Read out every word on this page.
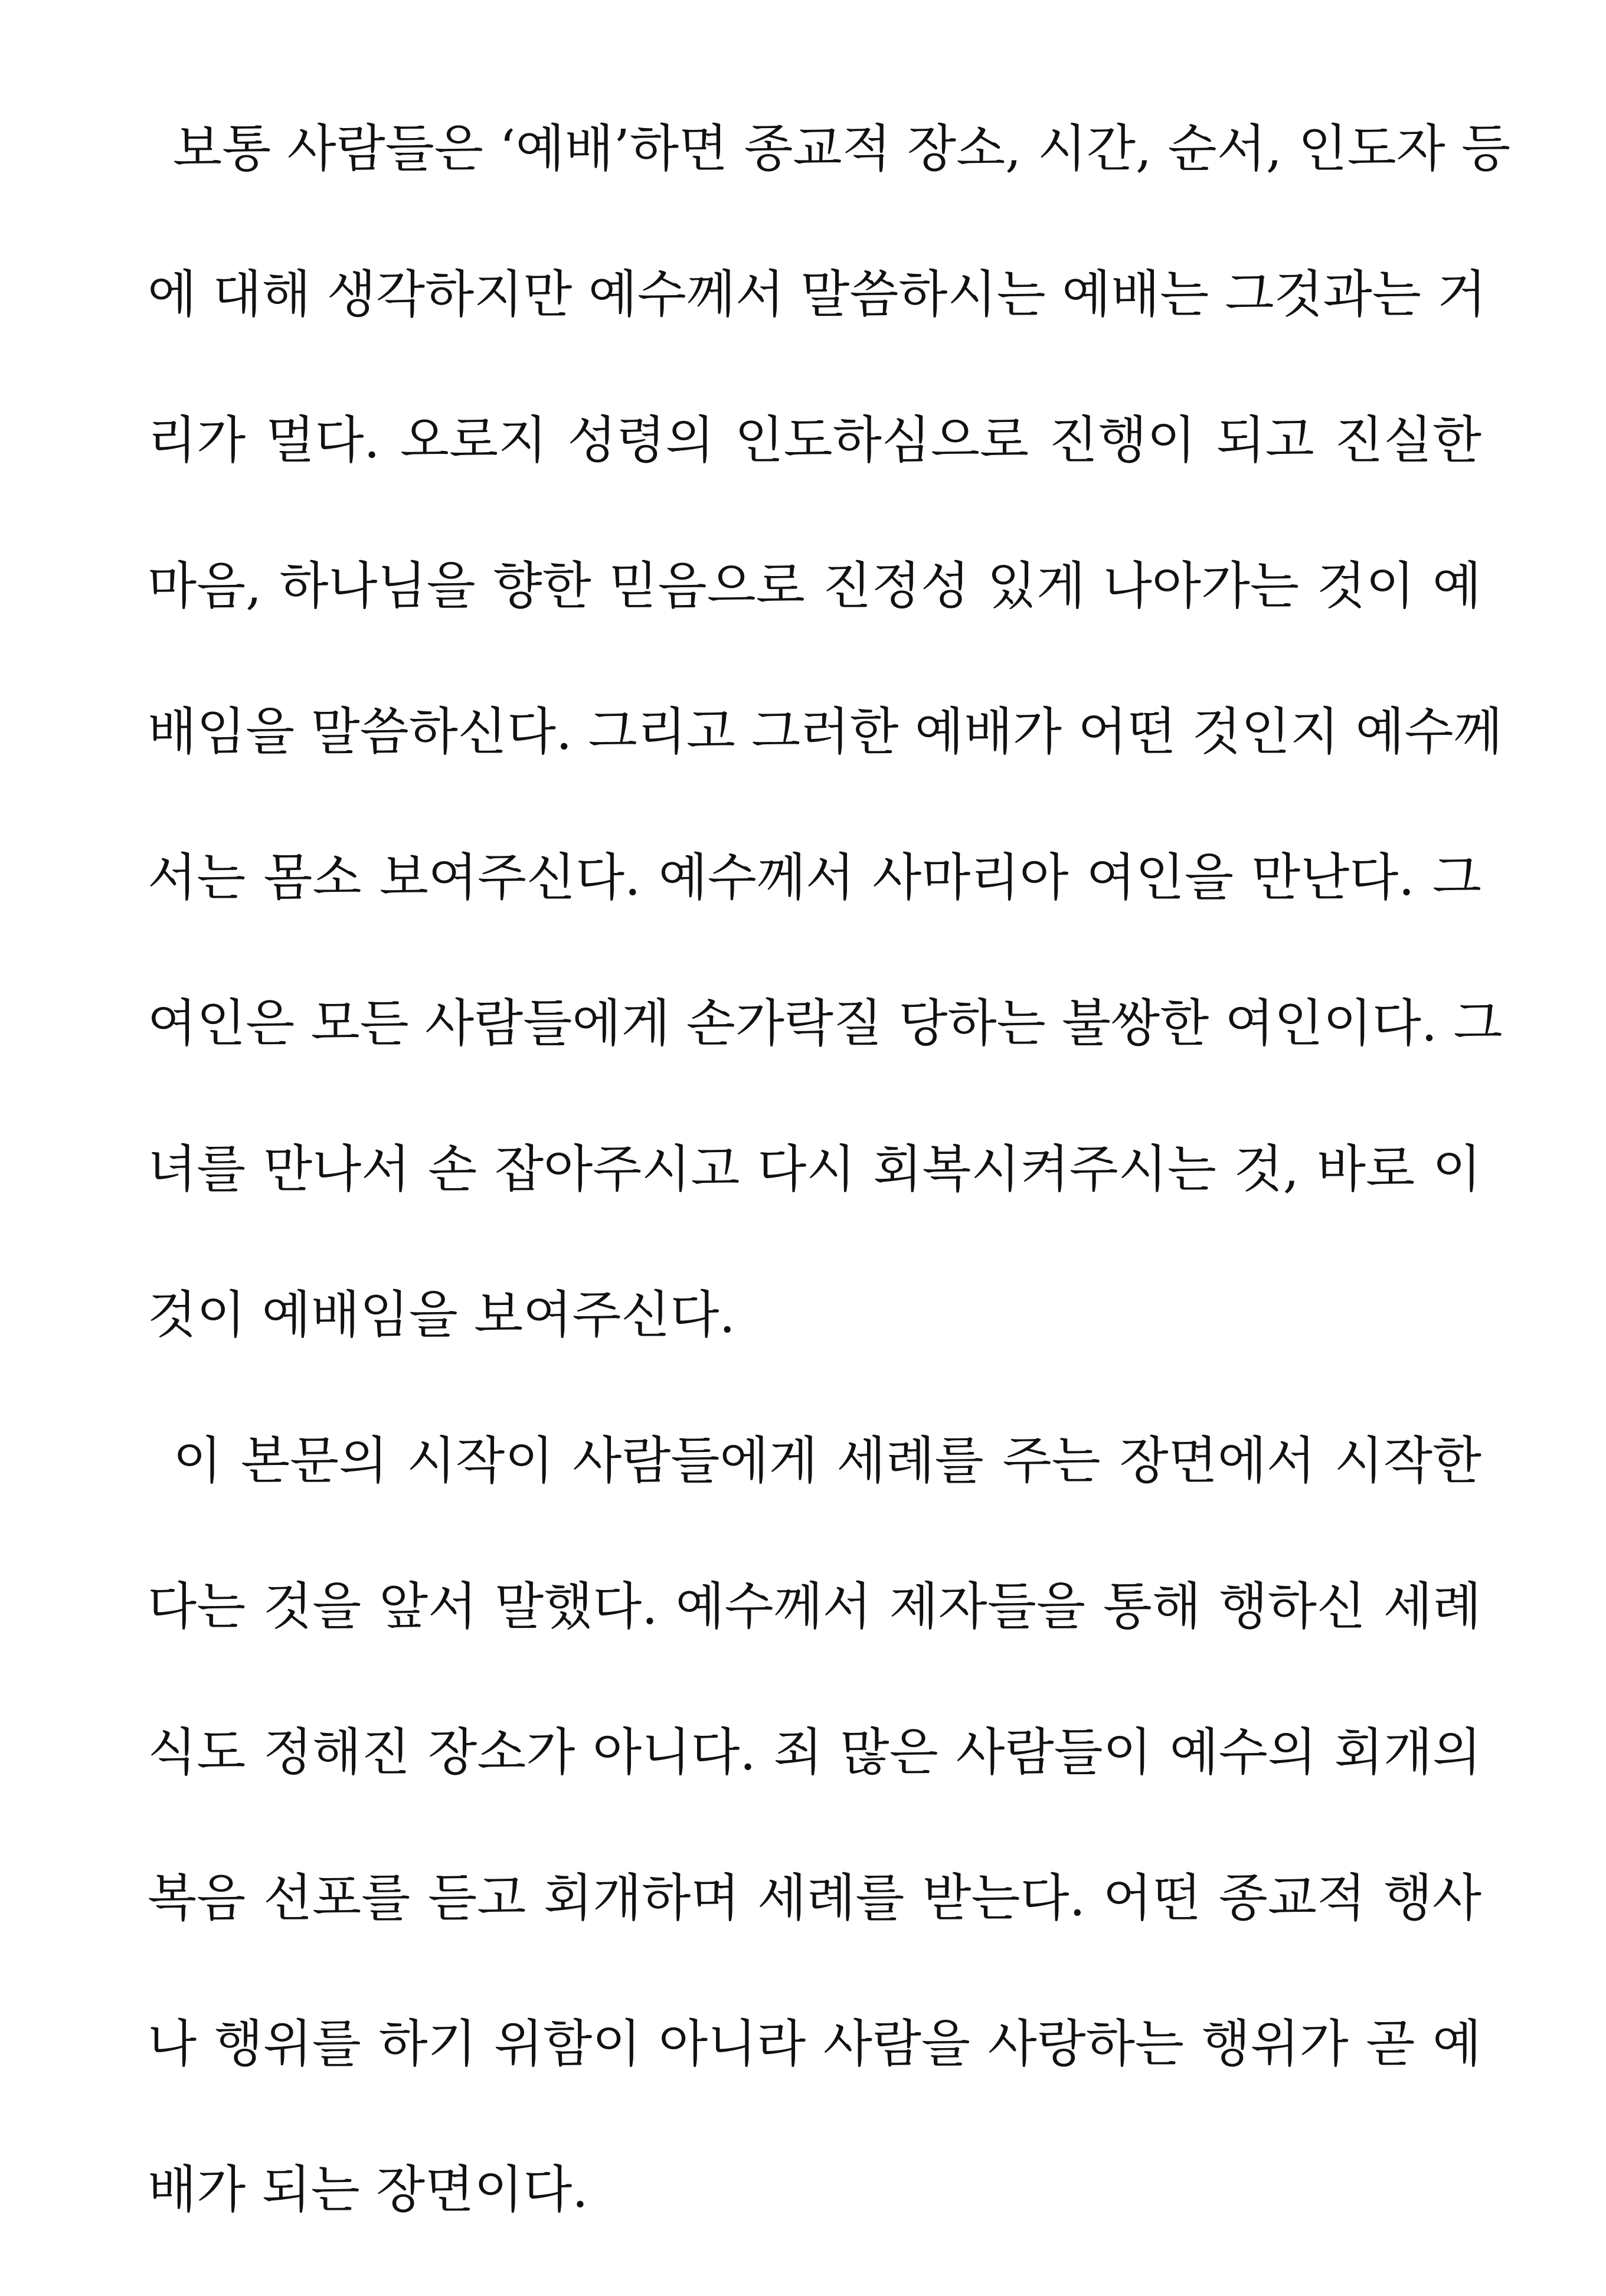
보통 사람들은 ‘예배’하면 종교적 장소, 시간, 순서, 인도자 등
에 대해 생각하지만 예수께서 말씀하시는 예배는 그것과는 거
리가 멀다. 오로지 성령의 인도하심으로 진행이 되고 진실한
마음, 하나님을 향한 믿음으로 진정성 있게 나아가는 것이 예
배임을 말씀하신다. 그리고 그러한 예배가 어떤 것인지 예수께
서는 몸소 보여주신다. 예수께서 사마리아 여인을 만난다. 그
여인은 모든 사람들에게 손가락질 당하는 불쌍한 여인이다. 그
녀를 만나서 손 잡아주시고 다시 회복시켜주시는 것, 바로 이
것이 예배임을 보여주신다.
이 본문의 시작이 사람들에게 세례를 주는 장면에서 시작한
다는 것을 앞서 말했다. 예수께서 제자들을 통해 행하신 세례
식도 정해진 장소가 아니다. 죄 많은 사람들이 예수의 회개의
복음 선포를 듣고 회개하며 세례를 받는다. 어떤 종교적 행사
나 행위를 하기 위함이 아니라 사람을 사랑하는 행위가 곧 예
배가 되는 장면이다.
